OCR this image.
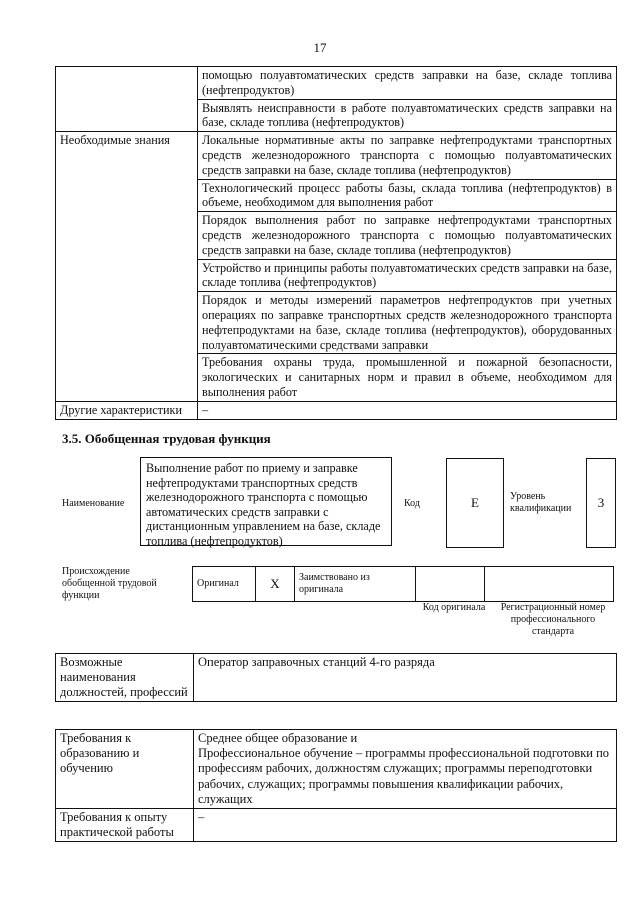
17
	помощью полуавтоматических средств заправки на базе, складе топлива (нефтепродуктов)
	Выявлять неисправности в работе полуавтоматических средств заправки на базе, складе топлива (нефтепродуктов)
Необходимые знания	Локальные нормативные акты по заправке нефтепродуктами транспортных средств железнодорожного транспорта с помощью полуавтоматических средств заправки на базе, складе топлива (нефтепродуктов)
	Технологический процесс работы базы, склада топлива (нефтепродуктов) в объеме, необходимом для выполнения работ
	Порядок выполнения работ по заправке нефтепродуктами транспортных средств железнодорожного транспорта с помощью полуавтоматических средств заправки на базе, складе топлива (нефтепродуктов)
	Устройство и принципы работы полуавтоматических средств заправки на базе, складе топлива (нефтепродуктов)
	Порядок и методы измерений параметров нефтепродуктов при учетных операциях по заправке транспортных средств железнодорожного транспорта нефтепродуктами на базе, складе топлива (нефтепродуктов), оборудованных полуавтоматическими средствами заправки
	Требования охраны труда, промышленной и пожарной безопасности, экологических и санитарных норм и правил в объеме, необходимом для выполнения работ
Другие характеристики	–
3.5. Обобщенная трудовая функция
Наименование
Выполнение работ по приему и заправке нефтепродуктами транспортных средств железнодорожного транспорта с помощью автоматических средств заправки с дистанционным управлением на базе, складе топлива (нефтепродуктов)
Код	E	Уровень квалификации	3
Происхождение обобщенной трудовой функции
Оригинал	X	Заимствовано из оригинала		
Код оригинала	Регистрационный номер профессионального стандарта
Возможные наименования должностей, профессий	Оператор заправочных станций 4-го разряда
Требования к образованию и обучению	Среднее общее образование и
Профессиональное обучение – программы профессиональной подготовки по профессиям рабочих, должностям служащих; программы переподготовки рабочих, служащих; программы повышения квалификации рабочих, служащих

Требования к опыту практической работы	–
